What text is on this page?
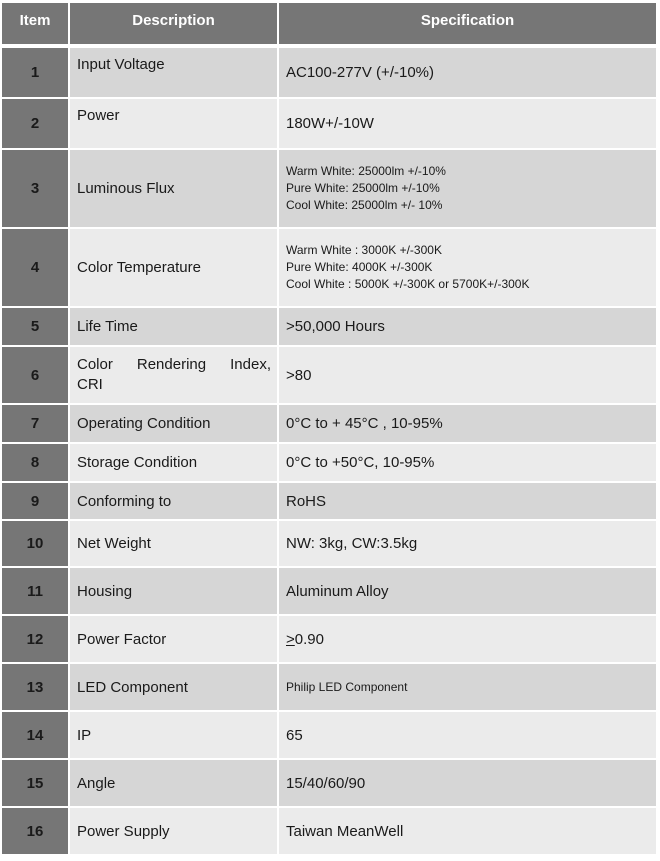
Item	Description	Specification
1	Input Voltage	AC100-277V (+/-10%)
2	Power	180W+/-10W
3	Luminous Flux	Warm White: 25000lm +/-10%
Pure White: 25000lm +/-10%
Cool White: 25000lm +/- 10%

4	Color Temperature	Warm White : 3000K +/-300K
Pure White: 4000K +/-300K
Cool White : 5000K +/-300K or 5700K+/-300K

5	Life Time	>50,000 Hours
6	Color Rendering Index,
CRI	>80
7	Operating Condition	0°C to + 45°C , 10-95%
8	Storage Condition	0°C to +50°C, 10-95%
9	Conforming to	RoHS
10	Net Weight	NW: 3kg, CW:3.5kg
11	Housing	Aluminum Alloy
12	Power Factor	≥0.90
13	LED Component	Philip LED Component
14	IP	65
15	Angle	15/40/60/90
16	Power Supply	Taiwan MeanWell
